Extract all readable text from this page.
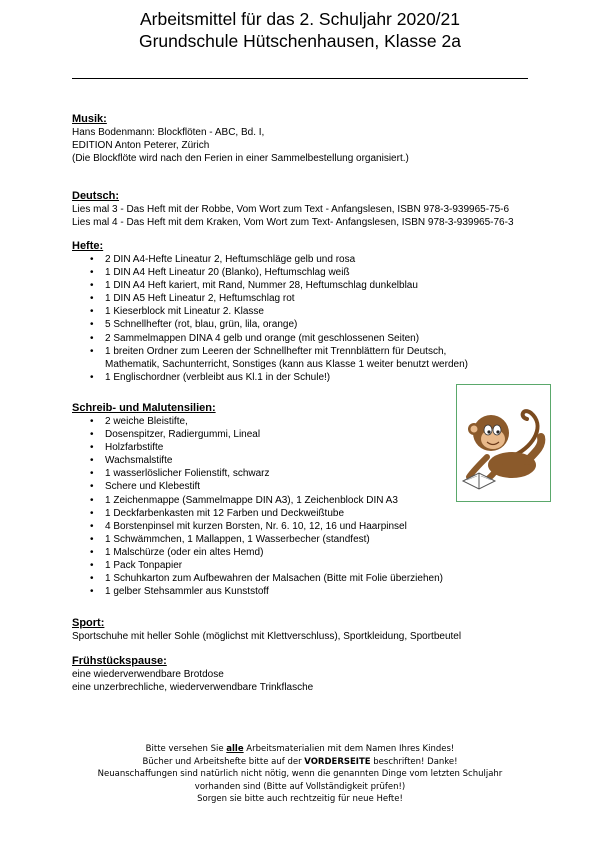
Arbeitsmittel für das 2. Schuljahr 2020/21
Grundschule Hütschenhausen, Klasse 2a
Musik:
Hans Bodenmann: Blockflöten - ABC, Bd. I,
EDITION Anton Peterer, Zürich
(Die Blockflöte wird nach den Ferien in einer Sammelbestellung organisiert.)
Deutsch:
Lies mal 3 - Das Heft mit der Robbe, Vom Wort zum Text - Anfangslesen, ISBN 978-3-939965-75-6
Lies mal 4 - Das Heft mit dem Kraken, Vom Wort zum Text- Anfangslesen, ISBN 978-3-939965-76-3
Hefte:
• 2 DIN A4-Hefte Lineatur 2, Heftumschläge gelb und rosa
• 1 DIN A4 Heft Lineatur 20 (Blanko), Heftumschlag weiß
• 1 DIN A4 Heft kariert, mit Rand, Nummer 28, Heftumschlag dunkelblau
• 1 DIN A5 Heft Lineatur 2, Heftumschlag rot
• 1 Kieserblock mit Lineatur 2. Klasse
• 5 Schnellhefter (rot, blau, grün, lila, orange)
• 2 Sammelmappen DINA 4 gelb und orange (mit geschlossenen Seiten)
• 1 breiten Ordner zum Leeren der Schnellhefter mit Trennblättern für Deutsch,
Mathematik, Sachunterricht, Sonstiges (kann aus Klasse 1 weiter benutzt werden)
• 1 Englischordner (verbleibt aus Kl.1 in der Schule!)
Schreib- und Malutensilien:
• 2 weiche Bleistifte,
• Dosenspitzer, Radiergummi, Lineal
• Holzfarbstifte
• Wachsmalstifte
• 1 wasserlöslicher Folienstift, schwarz
• Schere und Klebestift
• 1 Zeichenmappe (Sammelmappe DIN A3), 1 Zeichenblock DIN A3
• 1 Deckfarbenkasten mit 12 Farben und Deckweißtube
• 4 Borstenpinsel mit kurzen Borsten, Nr. 6. 10, 12, 16 und Haarpinsel
• 1 Schwämmchen, 1 Mallappen, 1 Wasserbecher (standfest)
• 1 Malschürze (oder ein altes Hemd)
• 1 Pack Tonpapier
• 1 Schuhkarton zum Aufbewahren der Malsachen (Bitte mit Folie überziehen)
• 1 gelber Stehsammler aus Kunststoff
Sport:
Sportschuhe mit heller Sohle (möglichst mit Klettverschluss), Sportkleidung, Sportbeutel
Frühstückspause:
eine wiederverwendbare Brotdose
eine unzerbrechliche, wiederverwendbare Trinkflasche
Bitte versehen Sie alle Arbeitsmaterialien mit dem Namen Ihres Kindes!
Bücher und Arbeitshefte bitte auf der VORDERSEITE beschriften! Danke!
Neuanschaffungen sind natürlich nicht nötig, wenn die genannten Dinge vom letzten Schuljahr
vorhanden sind (Bitte auf Vollständigkeit prüfen!)
Sorgen sie bitte auch rechtzeitig für neue Hefte!
